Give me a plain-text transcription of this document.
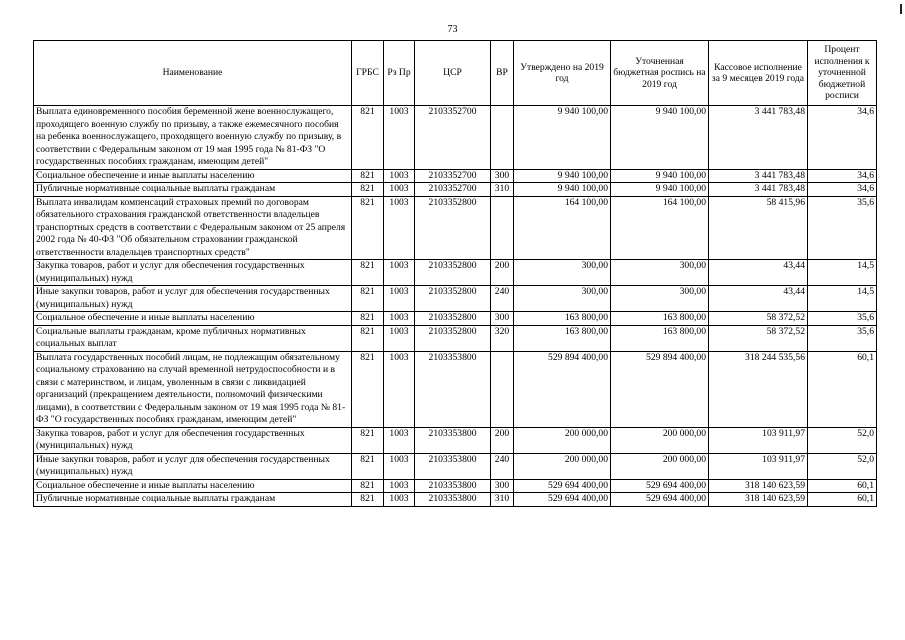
73
Наименование	ГРБС	Рз Пр	ЦСР	ВР	Утверждено на 2019 год	Уточненная бюджетная роспись на 2019 год	Кассовое исполнение за 9 месяцев 2019 года	Процент исполнения к уточненной бюджетной росписи
Выплата единовременного пособия беременной жене военнослужащего, проходящего военную службу по призыву, а также ежемесячного пособия на ребенка военнослужащего, проходящего военную службу по призыву, в соответствии с Федеральным законом от 19 мая 1995 года № 81-ФЗ "О государственных пособиях гражданам, имеющим детей"	821	1003	2103352700		9 940 100,00	9 940 100,00	3 441 783,48	34,6
Социальное обеспечение и иные выплаты населению	821	1003	2103352700	300	9 940 100,00	9 940 100,00	3 441 783,48	34,6
Публичные нормативные социальные выплаты гражданам	821	1003	2103352700	310	9 940 100,00	9 940 100,00	3 441 783,48	34,6
Выплата инвалидам компенсаций страховых премий по договорам обязательного страхования гражданской ответственности владельцев транспортных средств в соответствии с Федеральным законом от 25 апреля 2002 года № 40-ФЗ "Об обязательном страховании гражданской ответственности владельцев транспортных средств"	821	1003	2103352800		164 100,00	164 100,00	58 415,96	35,6
Закупка товаров, работ и услуг для обеспечения государственных (муниципальных) нужд	821	1003	2103352800	200	300,00	300,00	43,44	14,5
Иные закупки товаров, работ и услуг для обеспечения государственных (муниципальных) нужд	821	1003	2103352800	240	300,00	300,00	43,44	14,5
Социальное обеспечение и иные выплаты населению	821	1003	2103352800	300	163 800,00	163 800,00	58 372,52	35,6
Социальные выплаты гражданам, кроме публичных нормативных социальных выплат	821	1003	2103352800	320	163 800,00	163 800,00	58 372,52	35,6
Выплата государственных пособий лицам, не подлежащим обязательному социальному страхованию на случай временной нетрудоспособности и в связи с материнством, и лицам, уволенным в связи с ликвидацией организаций (прекращением деятельности, полномочий физическими лицами), в соответствии с Федеральным законом от 19 мая 1995 года № 81-ФЗ "О государственных пособиях гражданам, имеющим детей"	821	1003	2103353800		529 894 400,00	529 894 400,00	318 244 535,56	60,1
Закупка товаров, работ и услуг для обеспечения государственных (муниципальных) нужд	821	1003	2103353800	200	200 000,00	200 000,00	103 911,97	52,0
Иные закупки товаров, работ и услуг для обеспечения государственных (муниципальных) нужд	821	1003	2103353800	240	200 000,00	200 000,00	103 911,97	52,0
Социальное обеспечение и иные выплаты населению	821	1003	2103353800	300	529 694 400,00	529 694 400,00	318 140 623,59	60,1
Публичные нормативные социальные выплаты гражданам	821	1003	2103353800	310	529 694 400,00	529 694 400,00	318 140 623,59	60,1
